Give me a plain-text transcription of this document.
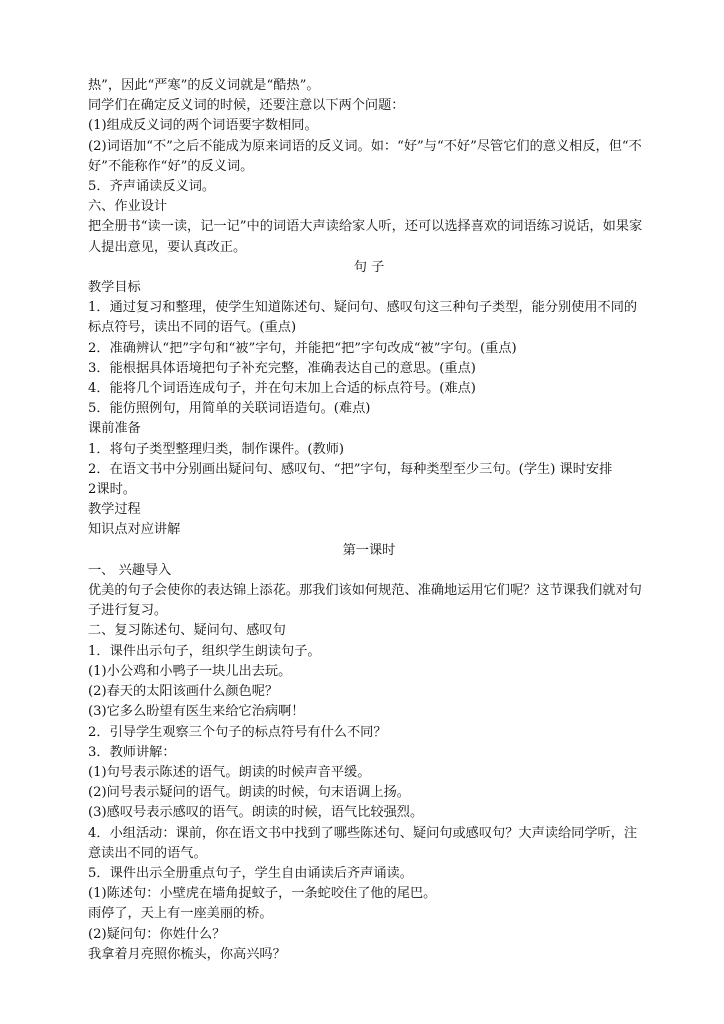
热”，因此“严寒”的反义词就是“酷热”。
同学们在确定反义词的时候，还要注意以下两个问题：
(1)组成反义词的两个词语要字数相同。
(2)词语加“不”之后不能成为原来词语的反义词。如：“好”与“不好”尽管它们的意义相反，但“不好”不能称作“好”的反义词。
5．齐声诵读反义词。
六、作业设计
把全册书“读一读，记一记”中的词语大声读给家人听，还可以选择喜欢的词语练习说话，如果家人提出意见，要认真改正。
句 子
教学目标
1．通过复习和整理，使学生知道陈述句、疑问句、感叹句这三种句子类型，能分别使用不同的标点符号，读出不同的语气。(重点)
2．准确辨认“把”字句和“被”字句，并能把“把”字句改成“被”字句。(重点)
3．能根据具体语境把句子补充完整，准确表达自己的意思。(重点)
4．能将几个词语连成句子，并在句末加上合适的标点符号。(难点)
5．能仿照例句，用简单的关联词语造句。(难点)
课前准备
1．将句子类型整理归类，制作课件。(教师)
2．在语文书中分别画出疑问句、感叹句、“把”字句，每种类型至少三句。(学生) 课时安排
2课时。
教学过程
知识点对应讲解
第一课时
一、 兴趣导入
优美的句子会使你的表达锦上添花。那我们该如何规范、准确地运用它们呢？这节课我们就对句子进行复习。
二、复习陈述句、疑问句、感叹句
1．课件出示句子，组织学生朗读句子。
(1)小公鸡和小鸭子一块儿出去玩。
(2)春天的太阳该画什么颜色呢？
(3)它多么盼望有医生来给它治病啊！
2．引导学生观察三个句子的标点符号有什么不同？
3．教师讲解：
(1)句号表示陈述的语气。朗读的时候声音平缓。
(2)问号表示疑问的语气。朗读的时候，句末语调上扬。
(3)感叹号表示感叹的语气。朗读的时候，语气比较强烈。
4．小组活动：课前，你在语文书中找到了哪些陈述句、疑问句或感叹句？大声读给同学听，注意读出不同的语气。
5．课件出示全册重点句子，学生自由诵读后齐声诵读。
(1)陈述句：小壁虎在墙角捉蚊子，一条蛇咬住了他的尾巴。
雨停了，天上有一座美丽的桥。
(2)疑问句：你姓什么？
我拿着月亮照你梳头，你高兴吗？
